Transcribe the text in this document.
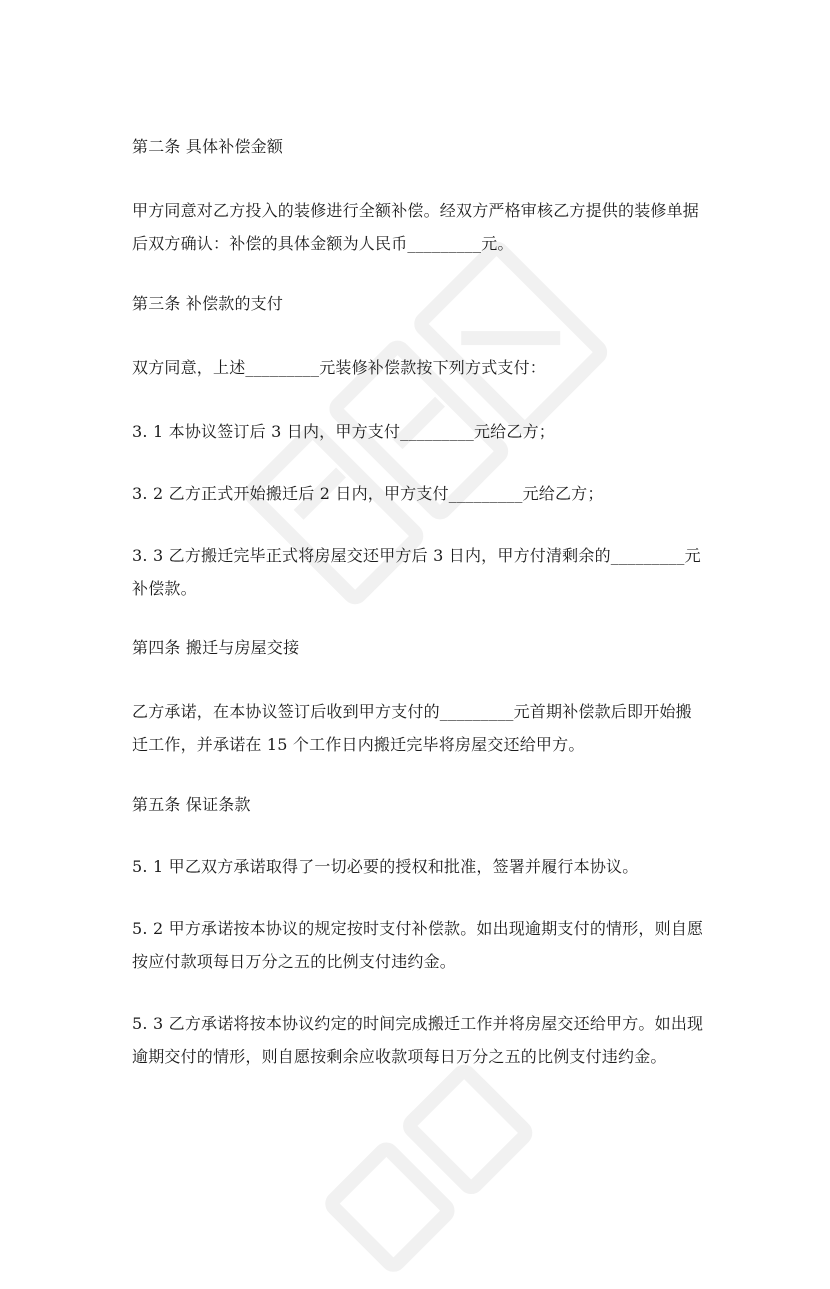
第二条 具体补偿金额
甲方同意对乙方投入的装修进行全额补偿。经双方严格审核乙方提供的装修单据
后双方确认：补偿的具体金额为人民币_________元。
第三条 补偿款的支付
双方同意，上述_________元装修补偿款按下列方式支付：
3. 1 本协议签订后 3 日内，甲方支付_________元给乙方；
3. 2 乙方正式开始搬迁后 2 日内，甲方支付_________元给乙方；
3. 3 乙方搬迁完毕正式将房屋交还甲方后 3 日内，甲方付清剩余的_________元
补偿款。
第四条 搬迁与房屋交接
乙方承诺，在本协议签订后收到甲方支付的_________元首期补偿款后即开始搬
迁工作，并承诺在 15 个工作日内搬迁完毕将房屋交还给甲方。
第五条 保证条款
5. 1 甲乙双方承诺取得了一切必要的授权和批准，签署并履行本协议。
5. 2 甲方承诺按本协议的规定按时支付补偿款。如出现逾期支付的情形，则自愿
按应付款项每日万分之五的比例支付违约金。
5. 3 乙方承诺将按本协议约定的时间完成搬迁工作并将房屋交还给甲方。如出现
逾期交付的情形，则自愿按剩余应收款项每日万分之五的比例支付违约金。
